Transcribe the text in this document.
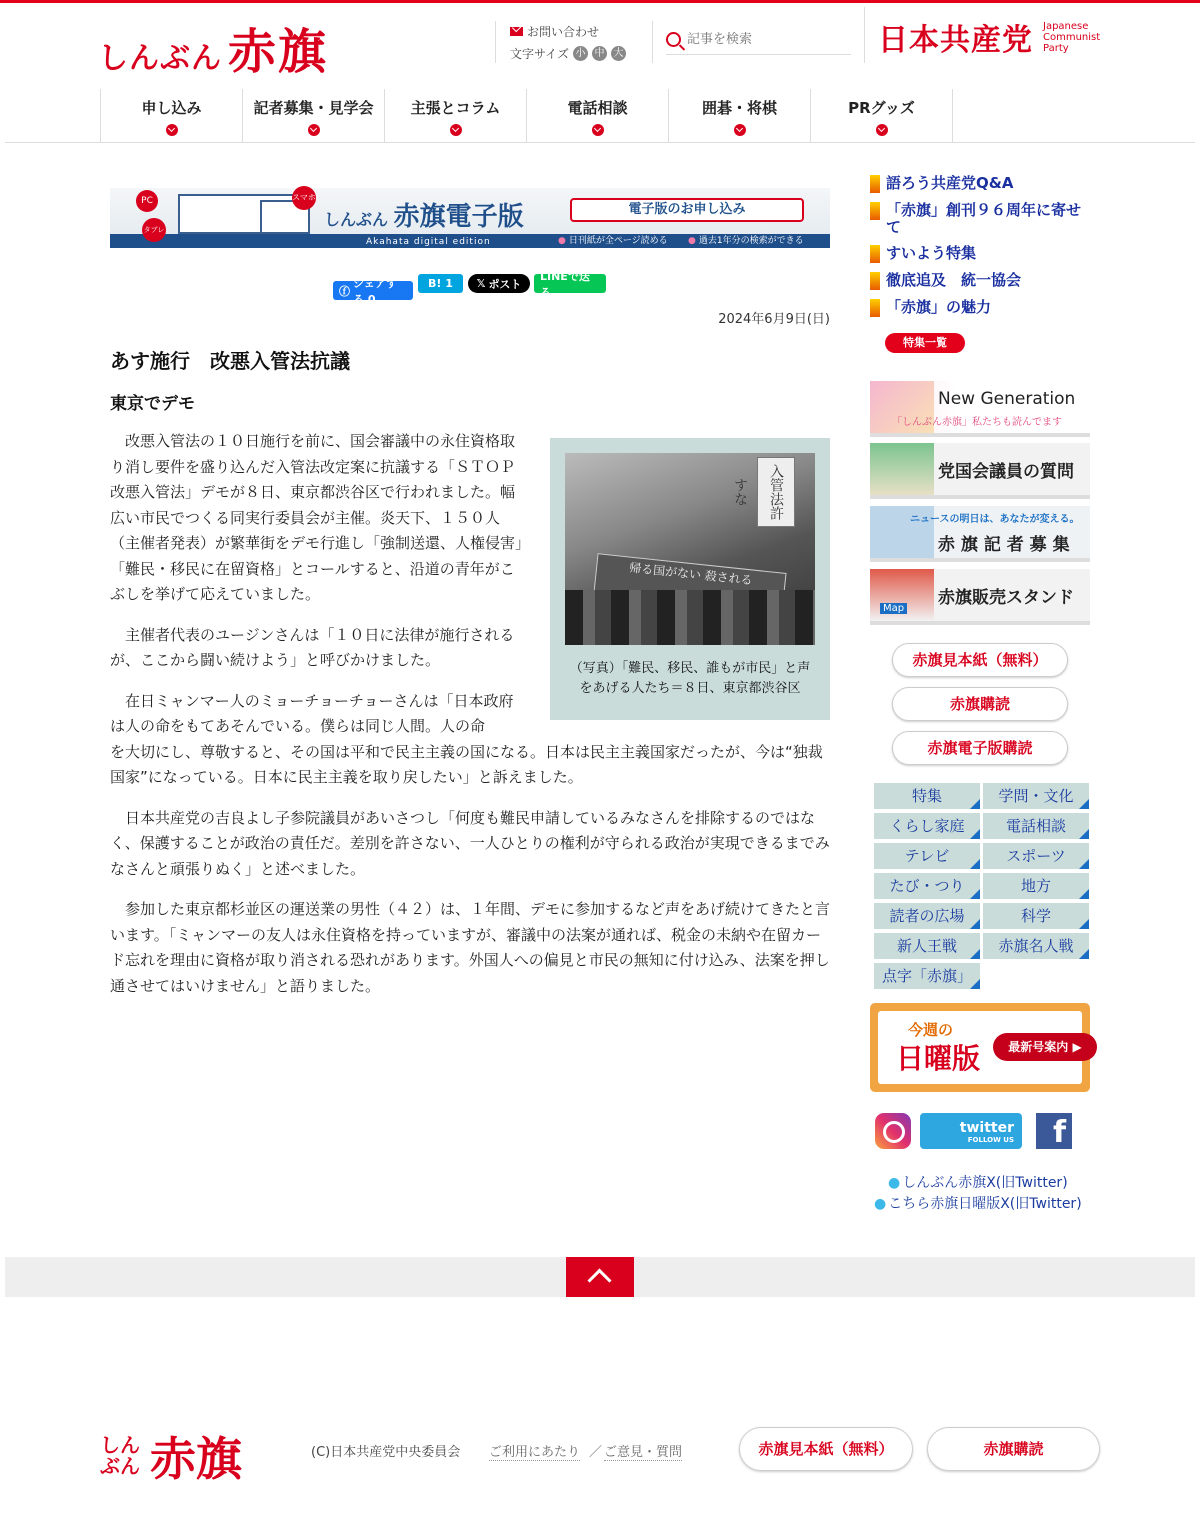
しんぶん 赤旗	お問い合わせ
文字サイズ 小 中 大
記事を検索	日本共産党 Japanese
Communist
Party
申し込み	記者募集・見学会	主張とコラム	電話相談	囲碁・将棋	PRグッズ
PC
タブレット
スマホ
しんぶん 赤旗電子版
Akahata digital edition
電子版のお申し込み
● 日刊紙が全ページ読める
●	過去1年分の検索ができる
ⓕ
シェアする 0
B! 1	𝕏 ポスト
LINEで送る
2024年6月9日(日)
あす施行　改悪入管法抗議
東京でデモ
入管法許すな
帰る国がない 殺される
（写真）「難民、移民、誰もが市民」と声をあげる人たち＝８日、東京都渋谷区

改悪入管法の１０日施行を前に、国会審議中の永住資格取り消し要件を盛り込んだ入管法改定案に抗議する「ＳＴＯＰ改悪入管法」デモが８日、東京都渋谷区で行われました。幅広い市民でつくる同実行委員会が主催。炎天下、１５０人（主催者発表）が繁華街をデモ行進し「強制送還、人権侵害」「難民・移民に在留資格」とコールすると、沿道の青年がこぶしを挙げて応えていました。

主催者代表のユージンさんは「１０日に法律が施行されるが、ここから闘い続けよう」と呼びかけました。

在日ミャンマー人のミョーチョーチョーさんは「日本政府は人の命をもてあそんでいる。僕らは同じ人間。人の命

を大切にし、尊敬すると、その国は平和で民主主義の国になる。日本は民主主義国家だったが、今は“独裁国家”になっている。日本に民主主義を取り戻したい」と訴えました。

日本共産党の吉良よし子参院議員があいさつし「何度も難民申請しているみなさんを排除するのではなく、保護することが政治の責任だ。差別を許さない、一人ひとりの権利が守られる政治が実現できるまでみなさんと頑張りぬく」と述べました。

参加した東京都杉並区の運送業の男性（４２）は、１年間、デモに参加するなど声をあげ続けてきたと言います。「ミャンマーの友人は永住資格を持っていますが、審議中の法案が通れば、税金の未納や在留カード忘れを理由に資格が取り消される恐れがあります。外国人への偏見と市民の無知に付け込み、法案を押し通させてはいけません」と語りました。

語ろう共産党Q&A
「赤旗」創刊９６周年に寄せて
すいよう特集
徹底追及　統一協会
「赤旗」の魅力
特集一覧
New Generation
「しんぶん赤旗」私たちも読んでます
党国会議員の質問
ニュースの明日は、あなたが変える。
赤 旗 記 者 募 集
Map
赤旗販売スタンド
赤旗見本紙（無料）
赤旗購読
赤旗電子版購読
特集	学問・文化
くらし家庭	電話相談
テレビ	スポーツ
たび・つり	地方
読者の広場	科学
新人王戦	赤旗名人戦
点字「赤旗」
今週の
日曜版	最新号案内 ▶
twitter
FOLLOW US	f
● しんぶん赤旗X(旧Twitter)
● こちら赤旗日曜版X(旧Twitter)
しんぶん 赤旗	(C)日本共産党中央委員会 ご利用にあたり ／ ご意見・質問	赤旗見本紙（無料）	赤旗購読
